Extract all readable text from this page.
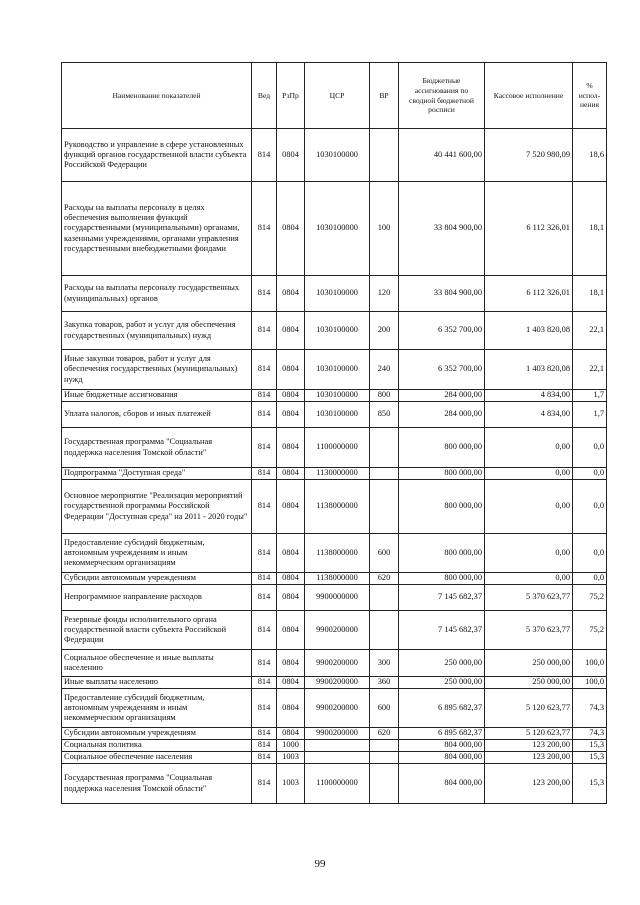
Наименование показателей	Вед	РзПр	ЦСР	ВР	Бюджетные ассигнования по сводной бюджетной росписи	Кассовое исполнение	% испол-нения
Руководство и управление в сфере установленных функций органов государственной власти субъекта Российской Федерации	814	0804	1030100000		40 441 600,00	7 520 980,09	18,6
Расходы на выплаты персоналу в целях обеспечения выполнения функций государственными (муниципальными) органами, казенными учреждениями, органами управления государственными внебюджетными фондами	814	0804	1030100000	100	33 804 900,00	6 112 326,01	18,1
Расходы на выплаты персоналу государственных (муниципальных) органов	814	0804	1030100000	120	33 804 900,00	6 112 326,01	18,1
Закупка товаров, работ и услуг для обеспечения государственных (муниципальных) нужд	814	0804	1030100000	200	6 352 700,00	1 403 820,08	22,1
Иные закупки товаров, работ и услуг для обеспечения государственных (муниципальных) нужд	814	0804	1030100000	240	6 352 700,00	1 403 820,08	22,1
Иные бюджетные ассигнования	814	0804	1030100000	800	284 000,00	4 834,00	1,7
Уплата налогов, сборов и иных платежей	814	0804	1030100000	850	284 000,00	4 834,00	1,7
Государственная программа "Социальная поддержка населения Томской области"	814	0804	1100000000		800 000,00	0,00	0,0
Подпрограмма "Доступная среда"	814	0804	1130000000		800 000,00	0,00	0,0
Основное мероприятие "Реализация мероприятий государственной программы Российской Федерации "Доступная среда" на 2011 - 2020 годы"	814	0804	1138000000		800 000,00	0,00	0,0
Предоставление субсидий бюджетным, автономным учреждениям и иным некоммерческим организациям	814	0804	1138000000	600	800 000,00	0,00	0,0
Субсидии автономным учреждениям	814	0804	1138000000	620	800 000,00	0,00	0,0
Непрограммное направление расходов	814	0804	9900000000		7 145 682,37	5 370 623,77	75,2
Резервные фонды исполнительного органа государственной власти субъекта Российской Федерации	814	0804	9900200000		7 145 682,37	5 370 623,77	75,2
Социальное обеспечение и иные выплаты населению	814	0804	9900200000	300	250 000,00	250 000,00	100,0
Иные выплаты населению	814	0804	9900200000	360	250 000,00	250 000,00	100,0
Предоставление субсидий бюджетным, автономным учреждениям и иным некоммерческим организациям	814	0804	9900200000	600	6 895 682,37	5 120 623,77	74,3
Субсидии автономным учреждениям	814	0804	9900200000	620	6 895 682,37	5 120 623,77	74,3
Социальная политика	814	1000			804 000,00	123 200,00	15,3
Социальное обеспечение населения	814	1003			804 000,00	123 200,00	15,3
Государственная программа "Социальная поддержка населения Томской области"	814	1003	1100000000		804 000,00	123 200,00	15,3
99
